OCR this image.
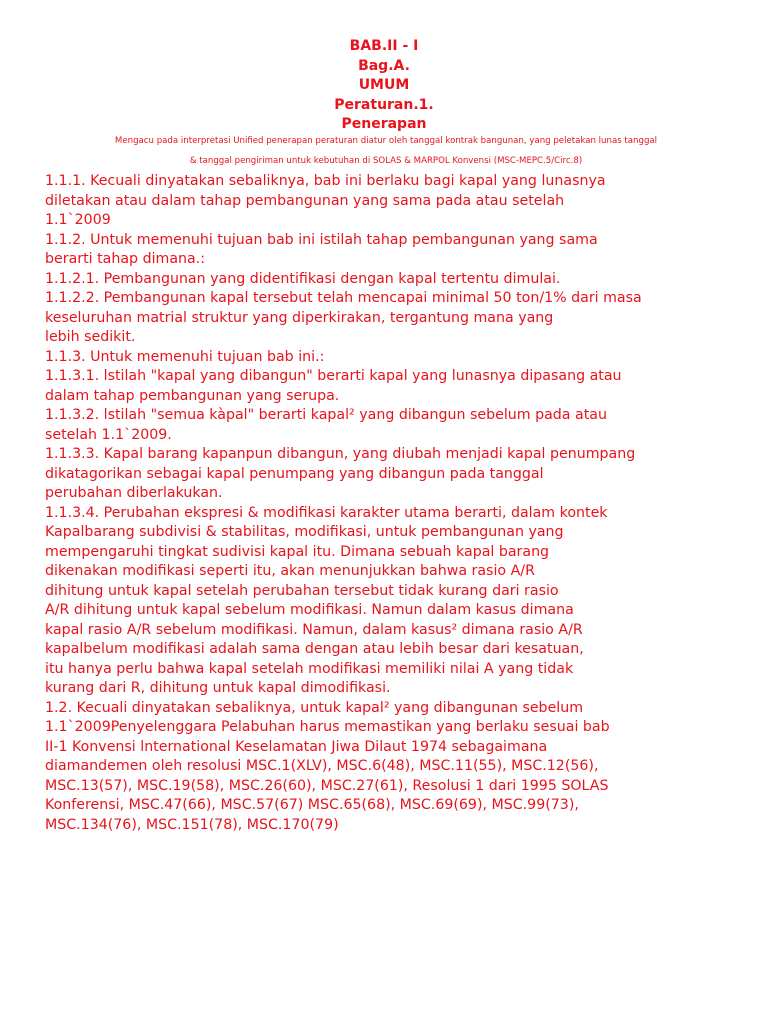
BAB.II - I
Bag.A.
UMUM
Peraturan.1.
Penerapan
Mengacu pada interpretasi Unified penerapan peraturan diatur oleh tanggal kontrak bangunan, yang peletakan lunas tanggal
& tanggal pengiriman untuk kebutuhan di SOLAS & MARPOL Konvensi (MSC-MEPC.5/Circ.8)
1.1.1. Kecuali dinyatakan sebaliknya, bab ini berlaku bagi kapal yang lunasnya
diletakan atau dalam tahap pembangunan yang sama pada atau setelah
1.1`2009
1.1.2. Untuk memenuhi tujuan bab ini istilah tahap pembangunan yang sama
berarti tahap dimana.:
1.1.2.1. Pembangunan yang didentifikasi dengan kapal tertentu dimulai.
1.1.2.2. Pembangunan kapal tersebut telah mencapai minimal 50 ton/1% dari masa
keseluruhan matrial struktur yang diperkirakan, tergantung mana yang
lebih sedikit.
1.1.3. Untuk memenuhi tujuan bab ini.:
1.1.3.1. lstilah "kapal yang dibangun" berarti kapal yang lunasnya dipasang atau
dalam tahap pembangunan yang serupa.
1.1.3.2. lstilah "semua kàpal" berarti kapal² yang dibangun sebelum pada atau
setelah 1.1`2009.
1.1.3.3. Kapal barang kapanpun dibangun, yang diubah menjadi kapal penumpang
dikatagorikan sebagai kapal penumpang yang dibangun pada tanggal
perubahan diberlakukan.
1.1.3.4. Perubahan ekspresi & modifikasi karakter utama berarti, dalam kontek
Kapalbarang subdivisi & stabilitas, modifikasi, untuk pembangunan yang
mempengaruhi tingkat sudivisi kapal itu. Dimana sebuah kapal barang
dikenakan modifikasi seperti itu, akan menunjukkan bahwa rasio A/R
dihitung untuk kapal setelah perubahan tersebut tidak kurang dari rasio
A/R dihitung untuk kapal sebelum modifikasi. Namun dalam kasus dimana
kapal rasio A/R sebelum modifikasi. Namun, dalam kasus² dimana rasio A/R
kapalbelum modifikasi adalah sama dengan atau lebih besar dari kesatuan,
itu hanya perlu bahwa kapal setelah modifikasi memiliki nilai A yang tidak
kurang dari R, dihitung untuk kapal dimodifikasi.
1.2. Kecuali dinyatakan sebaliknya, untuk kapal² yang dibangunan sebelum
1.1`2009Penyelenggara Pelabuhan harus memastikan yang berlaku sesuai bab
II-1 Konvensi lnternational Keselamatan Jiwa Dilaut 1974 sebagaimana
diamandemen oleh resolusi MSC.1(XLV), MSC.6(48), MSC.11(55), MSC.12(56),
MSC.13(57), MSC.19(58), MSC.26(60), MSC.27(61), Resolusi 1 dari 1995 SOLAS
Konferensi, MSC.47(66), MSC.57(67) MSC.65(68), MSC.69(69), MSC.99(73),
MSC.134(76), MSC.151(78), MSC.170(79)
